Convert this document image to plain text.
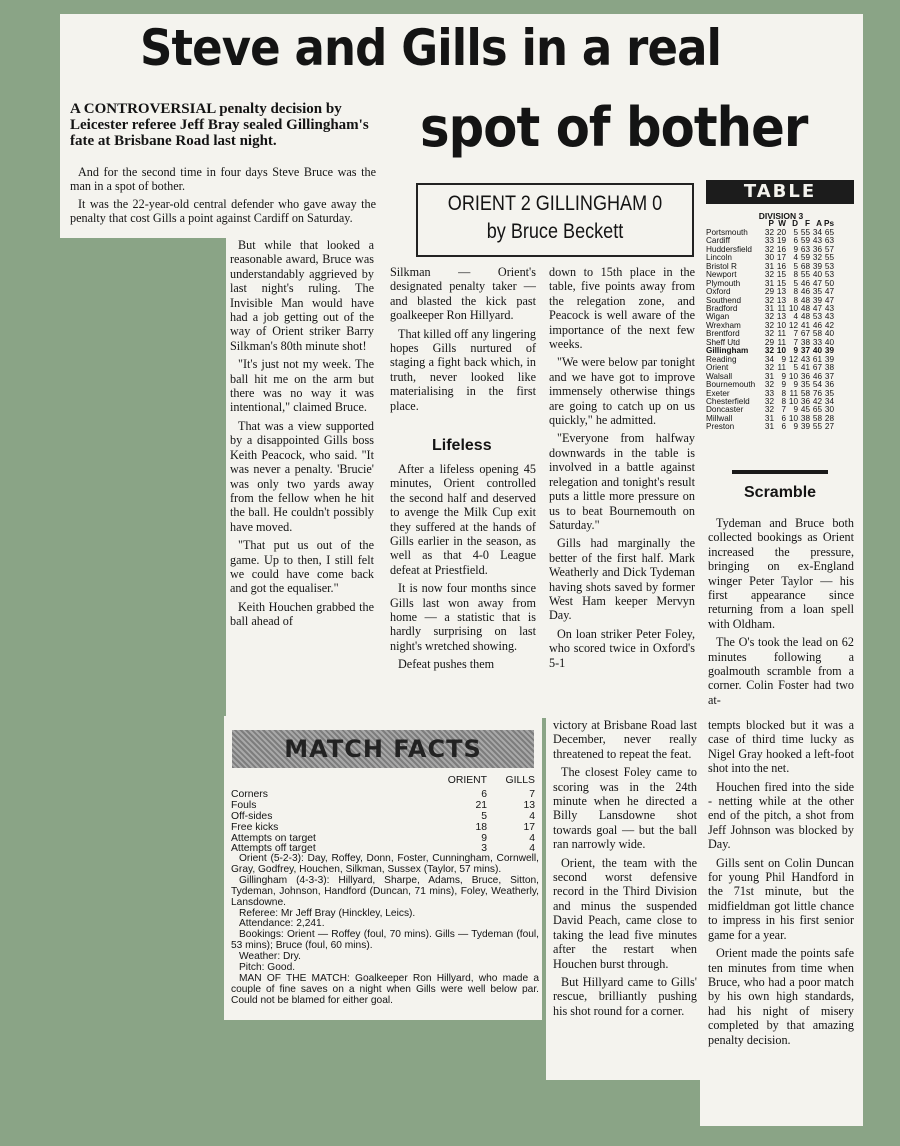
Steve and Gills in a real
spot of bother

A CONTROVERSIAL penalty decision by Leicester referee Jeff Bray sealed Gillingham's fate at Brisbane Road last night.

And for the second time in four days Steve Bruce was the man in a spot of bother.

It was the 22-year-old central defender who gave away the penalty that cost Gills a point against Cardiff on Saturday.

ORIENT 2 GILLINGHAM 0
by Bruce Beckett

But while that looked a reasonable award, Bruce was understandably aggrieved by last night's ruling. The Invisible Man would have had a job getting out of the way of Orient striker Barry Silkman's 80th minute shot!

"It's just not my week. The ball hit me on the arm but there was no way it was intentional," claimed Bruce.

That was a view supported by a disappointed Gills boss Keith Peacock, who said. "It was never a penalty. 'Brucie' was only two yards away from the fellow when he hit the ball. He couldn't possibly have moved.

"That put us out of the game. Up to then, I still felt we could have come back and got the equaliser."

Keith Houchen grabbed the ball ahead of

Silkman — Orient's designated penalty taker — and blasted the kick past goalkeeper Ron Hillyard.

That killed off any lingering hopes Gills nurtured of staging a fight back which, in truth, never looked like materialising in the first place.

Lifeless

After a lifeless opening 45 minutes, Orient controlled the second half and deserved to avenge the Milk Cup exit they suffered at the hands of Gills earlier in the season, as well as that 4-0 League defeat at Priestfield.

It is now four months since Gills last won away from home — a statistic that is hardly surprising on last night's wretched showing.

Defeat pushes them

down to 15th place in the table, five points away from the relegation zone, and Peacock is well aware of the importance of the next few weeks.

"We were below par tonight and we have got to improve immensely otherwise things are going to catch up on us quickly," he admitted.

"Everyone from halfway downwards in the table is involved in a battle against relegation and tonight's result puts a little more pressure on us to beat Bournemouth on Saturday."

Gills had marginally the better of the first half. Mark Weatherly and Dick Tydeman having shots saved by former West Ham keeper Mervyn Day.

On loan striker Peter Foley, who scored twice in Oxford's 5-1

victory at Brisbane Road last December, never really threatened to repeat the feat.

The closest Foley came to scoring was in the 24th minute when he directed a Billy Lansdowne shot towards goal — but the ball ran narrowly wide.

Orient, the team with the second worst defensive record in the Third Division and minus the suspended David Peach, came close to taking the lead five minutes after the restart when Houchen burst through.

But Hillyard came to Gills' rescue, brilliantly pushing his shot round for a corner.

TABLE
DIVISION 3
P W D F A Ps
Portsmouth	32 20 5 55 34 65
Cardiff	33 19 6 59 43 63
Huddersfield	32 16 9 63 36 57
Lincoln	30 17 4 59 32 55
Bristol R	31 16 5 68 39 53
Newport	32 15 8 55 40 53
Plymouth	31 15 5 46 47 50
Oxford	29 13 8 46 35 47
Southend	32 13 8 48 39 47
Bradford	31 11 10 48 47 43
Wigan	32 13 4 48 53 43
Wrexham	32 10 12 41 46 42
Brentford	32 11 7 67 58 40
Sheff Utd	29 11 7 38 33 40
Gillingham	32 10 9 37 40 39
Reading	34 9 12 43 61 39
Orient	32 11 5 41 67 38
Walsall	31 9 10 36 46 37
Bournemouth	32 9 9 35 54 36
Exeter	33 8 11 58 76 35
Chesterfield	32 8 10 36 42 34
Doncaster	32 7 9 45 65 30
Millwall	31 6 10 38 58 28
Preston	31 6 9 39 55 27
Scramble

Tydeman and Bruce both collected bookings as Orient increased the pressure, bringing on ex-England winger Peter Taylor — his first appearance since returning from a loan spell with Oldham.

The O's took the lead on 62 minutes following a goalmouth scramble from a corner. Colin Foster had two at-

tempts blocked but it was a case of third time lucky as Nigel Gray hooked a left-foot shot into the net.

Houchen fired into the side - netting while at the other end of the pitch, a shot from Jeff Johnson was blocked by Day.

Gills sent on Colin Duncan for young Phil Handford in the 71st minute, but the midfieldman got little chance to impress in his first senior game for a year.

Orient made the points safe ten minutes from time when Bruce, who had a poor match by his own high standards, had his night of misery completed by that amazing penalty decision.

MATCH FACTS
ORIENT	GILLS
Corners	6	7
Fouls	21	13
Off-sides	5	4
Free kicks	18	17
Attempts on target	9	4
Attempts off target	3	4

Orient (5-2-3): Day, Roffey, Donn, Foster, Cunningham, Cornwell, Gray, Godfrey, Houchen, Silkman, Sussex (Taylor, 57 mins).

Gillingham (4-3-3): Hillyard, Sharpe, Adams, Bruce, Sitton, Tydeman, Johnson, Handford (Duncan, 71 mins), Foley, Weatherly, Lansdowne.

Referee: Mr Jeff Bray (Hinckley, Leics).

Attendance: 2,241.

Bookings: Orient — Roffey (foul, 70 mins). Gills — Tydeman (foul, 53 mins); Bruce (foul, 60 mins).

Weather: Dry.

Pitch: Good.

MAN OF THE MATCH: Goalkeeper Ron Hillyard, who made a couple of fine saves on a night when Gills were well below par. Could not be blamed for either goal.
